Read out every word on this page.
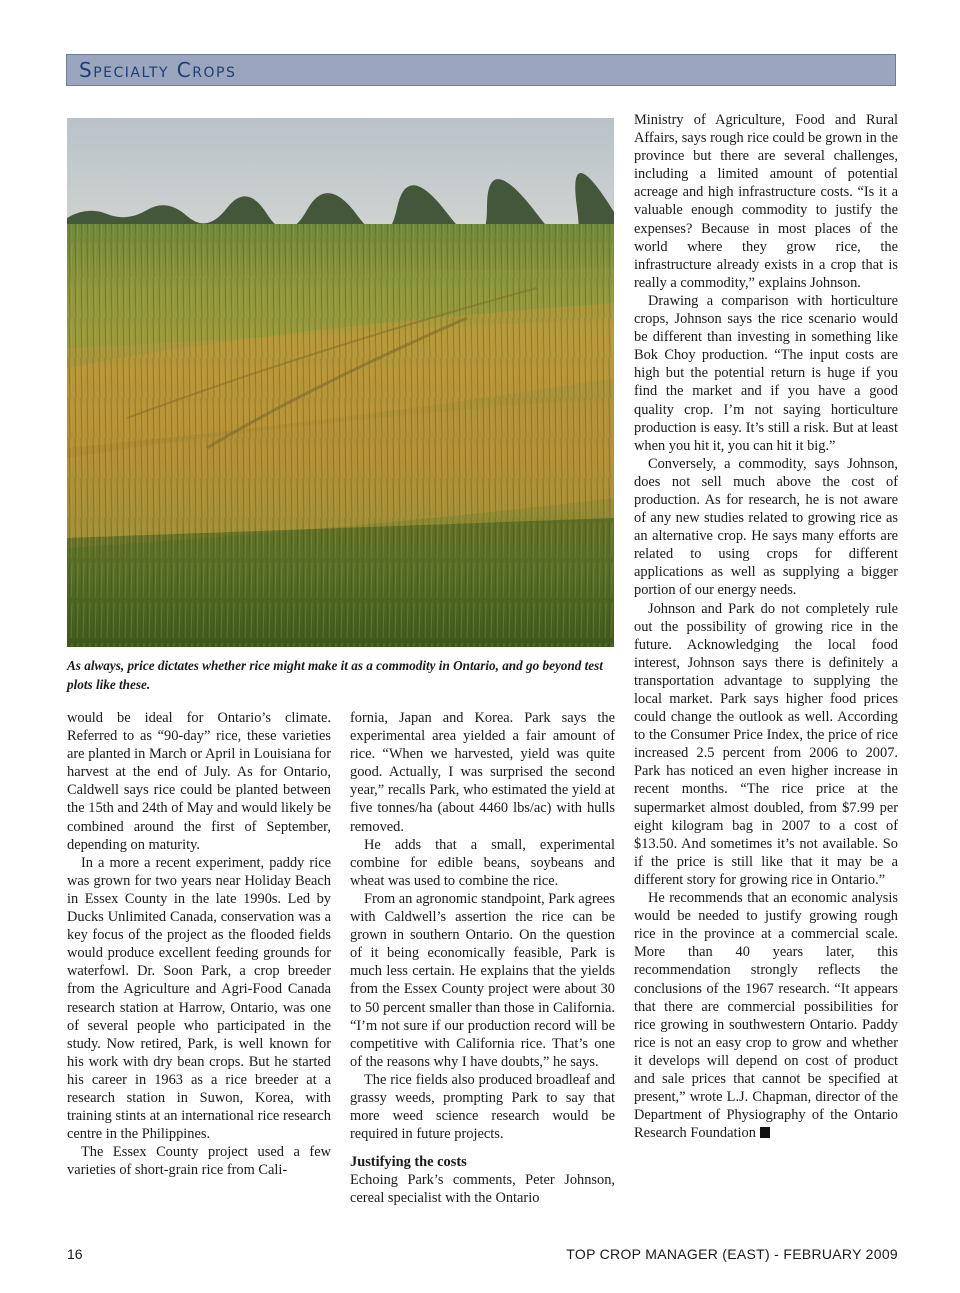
Specialty Crops
As always, price dictates whether rice might make it as a commodity in Ontario, and go beyond test plots like these.

would be ideal for Ontario’s climate. Referred to as “90-day” rice, these varieties are planted in March or April in Louisiana for harvest at the end of July. As for Ontario, Caldwell says rice could be planted between the 15th and 24th of May and would likely be combined around the first of September, depending on maturity.

In a more a recent experiment, paddy rice was grown for two years near Holiday Beach in Essex County in the late 1990s. Led by Ducks Unlimited Canada, conservation was a key focus of the project as the flooded fields would produce excellent feeding grounds for waterfowl. Dr. Soon Park, a crop breeder from the Agriculture and Agri-Food Canada research station at Harrow, Ontario, was one of several people who participated in the study. Now retired, Park, is well known for his work with dry bean crops. But he started his career in 1963 as a rice breeder at a research station in Suwon, Korea, with training stints at an international rice research centre in the Philippines.

The Essex County project used a few varieties of short-grain rice from Cali-

fornia, Japan and Korea. Park says the experimental area yielded a fair amount of rice. “When we harvested, yield was quite good. Actually, I was surprised the second year,” recalls Park, who estimated the yield at five tonnes/ha (about 4460 lbs/ac) with hulls removed.

He adds that a small, experimental combine for edible beans, soybeans and wheat was used to combine the rice.

From an agronomic standpoint, Park agrees with Caldwell’s assertion the rice can be grown in southern Ontario. On the question of it being economically feasible, Park is much less certain. He explains that the yields from the Essex County project were about 30 to 50 percent smaller than those in California. “I’m not sure if our production record will be competitive with California rice. That’s one of the reasons why I have doubts,” he says.

The rice fields also produced broadleaf and grassy weeds, prompting Park to say that more weed science research would be required in future projects.

Justifying the costs

Echoing Park’s comments, Peter Johnson, cereal specialist with the Ontario

Ministry of Agriculture, Food and Rural Affairs, says rough rice could be grown in the province but there are several challenges, including a limited amount of potential acreage and high infrastructure costs. “Is it a valuable enough commodity to justify the expenses? Because in most places of the world where they grow rice, the infrastructure already exists in a crop that is really a commodity,” explains Johnson.

Drawing a comparison with horticulture crops, Johnson says the rice scenario would be different than investing in something like Bok Choy production. “The input costs are high but the potential return is huge if you find the market and if you have a good quality crop. I’m not saying horticulture production is easy. It’s still a risk. But at least when you hit it, you can hit it big.”

Conversely, a commodity, says Johnson, does not sell much above the cost of production. As for research, he is not aware of any new studies related to growing rice as an alternative crop. He says many efforts are related to using crops for different applications as well as supplying a bigger portion of our energy needs.

Johnson and Park do not completely rule out the possibility of growing rice in the future. Acknowledging the local food interest, Johnson says there is definitely a transportation advantage to supplying the local market. Park says higher food prices could change the outlook as well. According to the Consumer Price Index, the price of rice increased 2.5 percent from 2006 to 2007. Park has noticed an even higher increase in recent months. “The rice price at the supermarket almost doubled, from $7.99 per eight kilogram bag in 2007 to a cost of $13.50. And sometimes it’s not available. So if the price is still like that it may be a different story for growing rice in Ontario.”

He recommends that an economic analysis would be needed to justify growing rough rice in the province at a commercial scale. More than 40 years later, this recommendation strongly reflects the conclusions of the 1967 research. “It appears that there are commercial possibilities for rice growing in southwestern Ontario. Paddy rice is not an easy crop to grow and whether it develops will depend on cost of product and sale prices that cannot be specified at present,” wrote L.J. Chapman, director of the Department of Physiography of the Ontario Research Foundation

16	TOP CROP MANAGER (EAST) - FEBRUARY 2009
